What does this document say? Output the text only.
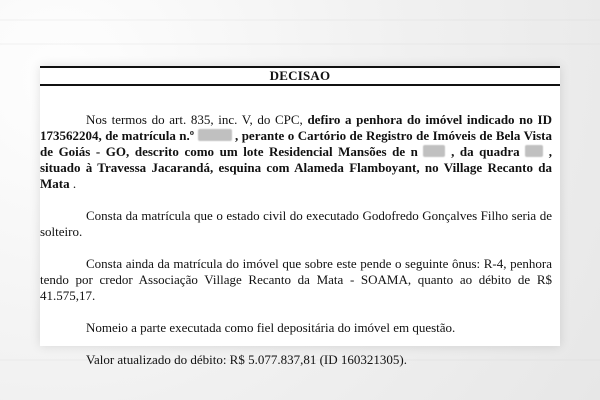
DECISAO

Nos termos do art. 835, inc. V, do CPC, defiro a penhora do imóvel indicado no ID 173562204, de matrícula n.º	, perante o Cartório de Registro de Imóveis de Bela Vista de Goiás - GO, descrito como um lote Residencial Mansões de n	, da quadra , situado à Travessa Jacarandá, esquina com Alameda Flamboyant, no Village Recanto da Mata .

Consta da matrícula que o estado civil do executado Godofredo Gonçalves Filho seria de solteiro.

Consta ainda da matrícula do imóvel que sobre este pende o seguinte ônus: R-4, penhora tendo por credor Associação Village Recanto da Mata - SOAMA, quanto ao débito de R$ 41.575,17.

Nomeio a parte executada como fiel depositária do imóvel em questão.

Valor atualizado do débito: R$ 5.077.837,81 (ID 160321305).
